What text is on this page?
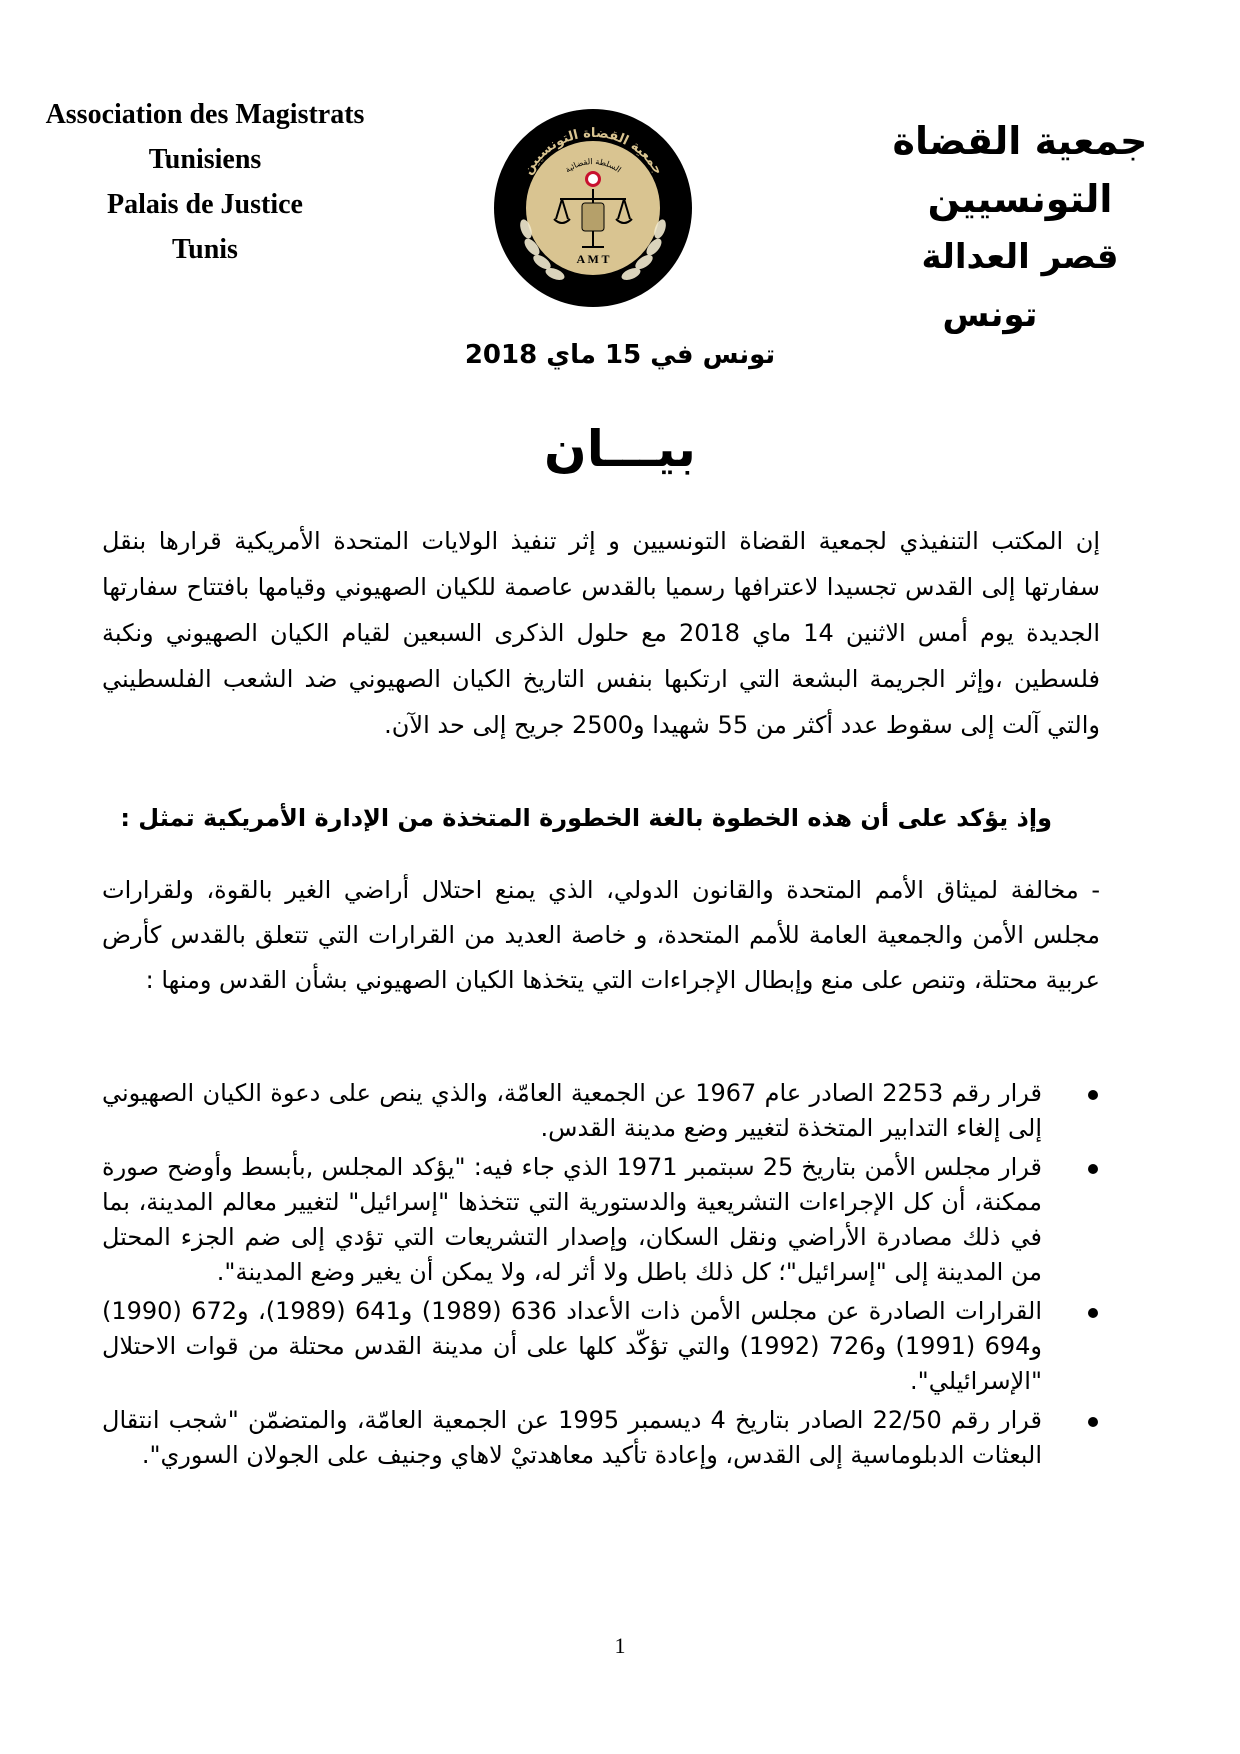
Association des Magistrats
Tunisiens
Palais de Justice
Tunis
جمعية القضاة التونسيين
السلطة القضائية
A M T
جمعية القضاة التونسيين
قصر العدالة
تونس
تونس في 15 ماي 2018
بيـــان
إن المكتب التنفيذي لجمعية القضاة التونسيين و إثر تنفيذ الولايات المتحدة الأمريكية قرارها بنقل سفارتها إلى القدس تجسيدا لاعترافها رسميا بالقدس عاصمة للكيان الصهيوني وقيامها بافتتاح سفارتها الجديدة يوم أمس الاثنين 14 ماي 2018 مع حلول الذكرى السبعين لقيام الكيان الصهيوني ونكبة فلسطين ،وإثر الجريمة البشعة التي ارتكبها بنفس التاريخ الكيان الصهيوني ضد الشعب الفلسطيني والتي آلت إلى سقوط عدد أكثر من 55 شهيدا و2500 جريح إلى حد الآن.
وإذ يؤكد على أن هذه الخطوة بالغة الخطورة المتخذة من الإدارة الأمريكية تمثل :
- مخالفة لميثاق الأمم المتحدة والقانون الدولي، الذي يمنع احتلال أراضي الغير بالقوة، ولقرارات مجلس الأمن والجمعية العامة للأمم المتحدة، و خاصة العديد من القرارات التي تتعلق بالقدس كأرض عربية محتلة، وتنص على منع وإبطال الإجراءات التي يتخذها الكيان الصهيوني بشأن القدس ومنها :
قرار رقم 2253 الصادر عام 1967 عن الجمعية العامّة، والذي ينص على دعوة الكيان الصهيوني إلى إلغاء التدابير المتخذة لتغيير وضع مدينة القدس.
قرار مجلس الأمن بتاريخ 25 سبتمبر 1971 الذي جاء فيه: "يؤكد المجلس ,بأبسط وأوضح صورة ممكنة، أن كل الإجراءات التشريعية والدستورية التي تتخذها "إسرائيل" لتغيير معالم المدينة، بما في ذلك مصادرة الأراضي ونقل السكان، وإصدار التشريعات التي تؤدي إلى ضم الجزء المحتل من المدينة إلى "إسرائيل"؛ كل ذلك باطل ولا أثر له، ولا يمكن أن يغير وضع المدينة".
القرارات الصادرة عن مجلس الأمن ذات الأعداد 636 (1989) و641 (1989)، و672 (1990) و694 (1991) و726 (1992) والتي تؤكّد كلها على أن مدينة القدس محتلة من قوات الاحتلال "الإسرائيلي".
قرار رقم 22/50 الصادر بتاريخ 4 ديسمبر 1995 عن الجمعية العامّة، والمتضمّن "شجب انتقال البعثات الدبلوماسية إلى القدس، وإعادة تأكيد معاهدتيْ لاهاي وجنيف على الجولان السوري".
1
